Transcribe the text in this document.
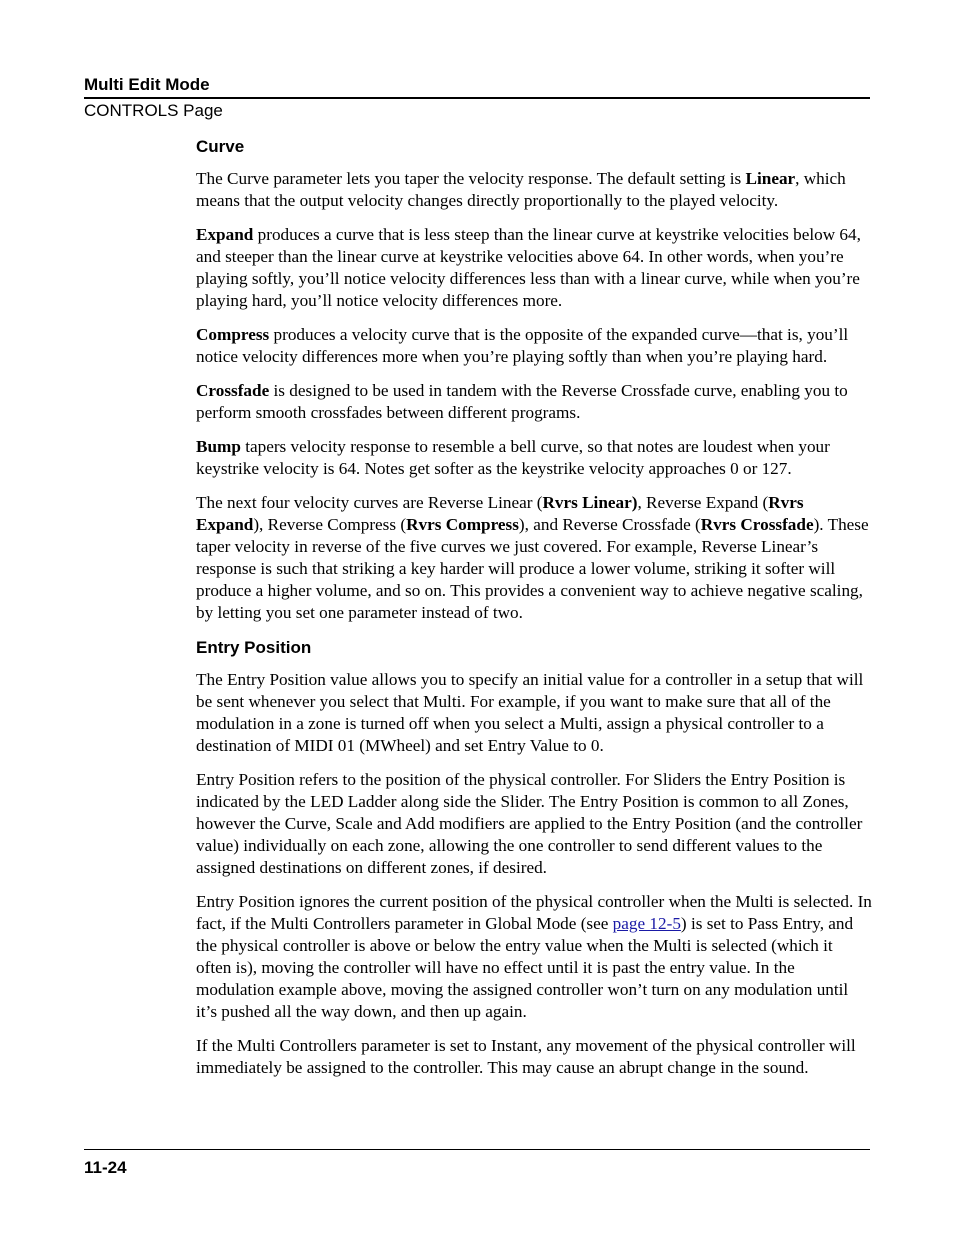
Multi Edit Mode
CONTROLS Page
Curve

The Curve parameter lets you taper the velocity response. The default setting is Linear, which means that the output velocity changes directly proportionally to the played velocity.

Expand produces a curve that is less steep than the linear curve at keystrike velocities below 64, and steeper than the linear curve at keystrike velocities above 64. In other words, when you’re playing softly, you’ll notice velocity differences less than with a linear curve, while when you’re playing hard, you’ll notice velocity differences more.

Compress produces a velocity curve that is the opposite of the expanded curve—that is, you’ll notice velocity differences more when you’re playing softly than when you’re playing hard.

Crossfade is designed to be used in tandem with the Reverse Crossfade curve, enabling you to perform smooth crossfades between different programs.

Bump tapers velocity response to resemble a bell curve, so that notes are loudest when your keystrike velocity is 64. Notes get softer as the keystrike velocity approaches 0 or 127.

The next four velocity curves are Reverse Linear (Rvrs Linear), Reverse Expand (Rvrs Expand), Reverse Compress (Rvrs Compress), and Reverse Crossfade (Rvrs Crossfade). These taper velocity in reverse of the five curves we just covered. For example, Reverse Linear’s response is such that striking a key harder will produce a lower volume, striking it softer will produce a higher volume, and so on. This provides a convenient way to achieve negative scaling, by letting you set one parameter instead of two.

Entry Position

The Entry Position value allows you to specify an initial value for a controller in a setup that will be sent whenever you select that Multi. For example, if you want to make sure that all of the modulation in a zone is turned off when you select a Multi, assign a physical controller to a destination of MIDI 01 (MWheel) and set Entry Value to 0.

Entry Position refers to the position of the physical controller. For Sliders the Entry Position is indicated by the LED Ladder along side the Slider. The Entry Position is common to all Zones, however the Curve, Scale and Add modifiers are applied to the Entry Position (and the controller value) individually on each zone, allowing the one controller to send different values to the assigned destinations on different zones, if desired.

Entry Position ignores the current position of the physical controller when the Multi is selected. In fact, if the Multi Controllers parameter in Global Mode (see page 12-5) is set to Pass Entry, and the physical controller is above or below the entry value when the Multi is selected (which it often is), moving the controller will have no effect until it is past the entry value. In the modulation example above, moving the assigned controller won’t turn on any modulation until it’s pushed all the way down, and then up again.

If the Multi Controllers parameter is set to Instant, any movement of the physical controller will immediately be assigned to the controller. This may cause an abrupt change in the sound.

11-24
